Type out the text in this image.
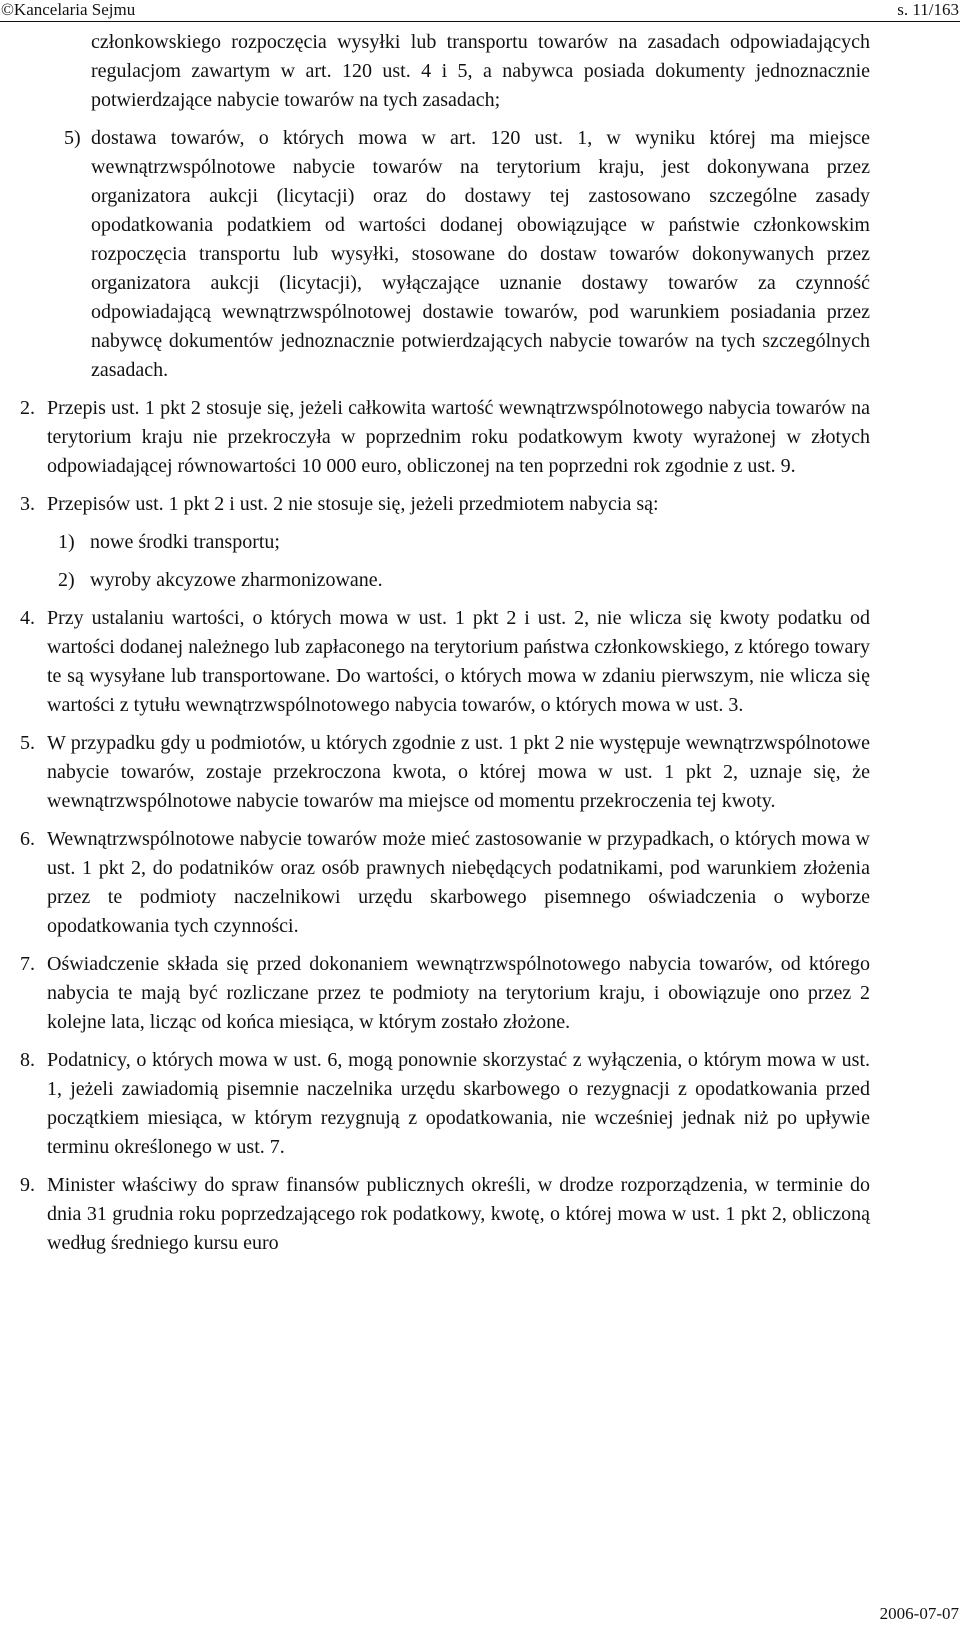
©Kancelaria Sejmu	s. 11/163
członkowskiego rozpoczęcia wysyłki lub transportu towarów na zasadach odpowiadających regulacjom zawartym w art. 120 ust. 4 i 5, a nabywca posiada dokumenty jednoznacznie potwierdzające nabycie towarów na tych zasadach;
5) dostawa towarów, o których mowa w art. 120 ust. 1, w wyniku której ma miejsce wewnątrzwspólnotowe nabycie towarów na terytorium kraju, jest dokonywana przez organizatora aukcji (licytacji) oraz do dostawy tej zastosowano szczególne zasady opodatkowania podatkiem od wartości dodanej obowiązujące w państwie członkowskim rozpoczęcia transportu lub wysyłki, stosowane do dostaw towarów dokonywanych przez organizatora aukcji (licytacji), wyłączające uznanie dostawy towarów za czynność odpowiadającą wewnątrzwspólnotowej dostawie towarów, pod warunkiem posiadania przez nabywcę dokumentów jednoznacznie potwierdzających nabycie towarów na tych szczególnych zasadach.
2. Przepis ust. 1 pkt 2 stosuje się, jeżeli całkowita wartość wewnątrzwspólnotowego nabycia towarów na terytorium kraju nie przekroczyła w poprzednim roku podatkowym kwoty wyrażonej w złotych odpowiadającej równowartości 10 000 euro, obliczonej na ten poprzedni rok zgodnie z ust. 9.
3. Przepisów ust. 1 pkt 2 i ust. 2 nie stosuje się, jeżeli przedmiotem nabycia są:
1) nowe środki transportu;
2) wyroby akcyzowe zharmonizowane.
4. Przy ustalaniu wartości, o których mowa w ust. 1 pkt 2 i ust. 2, nie wlicza się kwoty podatku od wartości dodanej należnego lub zapłaconego na terytorium państwa członkowskiego, z którego towary te są wysyłane lub transportowane. Do wartości, o których mowa w zdaniu pierwszym, nie wlicza się wartości z tytułu wewnątrzwspólnotowego nabycia towarów, o których mowa w ust. 3.
5. W przypadku gdy u podmiotów, u których zgodnie z ust. 1 pkt 2 nie występuje wewnątrzwspólnotowe nabycie towarów, zostaje przekroczona kwota, o której mowa w ust. 1 pkt 2, uznaje się, że wewnątrzwspólnotowe nabycie towarów ma miejsce od momentu przekroczenia tej kwoty.
6. Wewnątrzwspólnotowe nabycie towarów może mieć zastosowanie w przypadkach, o których mowa w ust. 1 pkt 2, do podatników oraz osób prawnych niebędących podatnikami, pod warunkiem złożenia przez te podmioty naczelnikowi urzędu skarbowego pisemnego oświadczenia o wyborze opodatkowania tych czynności.
7. Oświadczenie składa się przed dokonaniem wewnątrzwspólnotowego nabycia towarów, od którego nabycia te mają być rozliczane przez te podmioty na terytorium kraju, i obowiązuje ono przez 2 kolejne lata, licząc od końca miesiąca, w którym zostało złożone.
8. Podatnicy, o których mowa w ust. 6, mogą ponownie skorzystać z wyłączenia, o którym mowa w ust. 1, jeżeli zawiadomią pisemnie naczelnika urzędu skarbowego o rezygnacji z opodatkowania przed początkiem miesiąca, w którym rezygnują z opodatkowania, nie wcześniej jednak niż po upływie terminu określonego w ust. 7.
9. Minister właściwy do spraw finansów publicznych określi, w drodze rozporządzenia, w terminie do dnia 31 grudnia roku poprzedzającego rok podatkowy, kwotę, o której mowa w ust. 1 pkt 2, obliczoną według średniego kursu euro
2006-07-07
